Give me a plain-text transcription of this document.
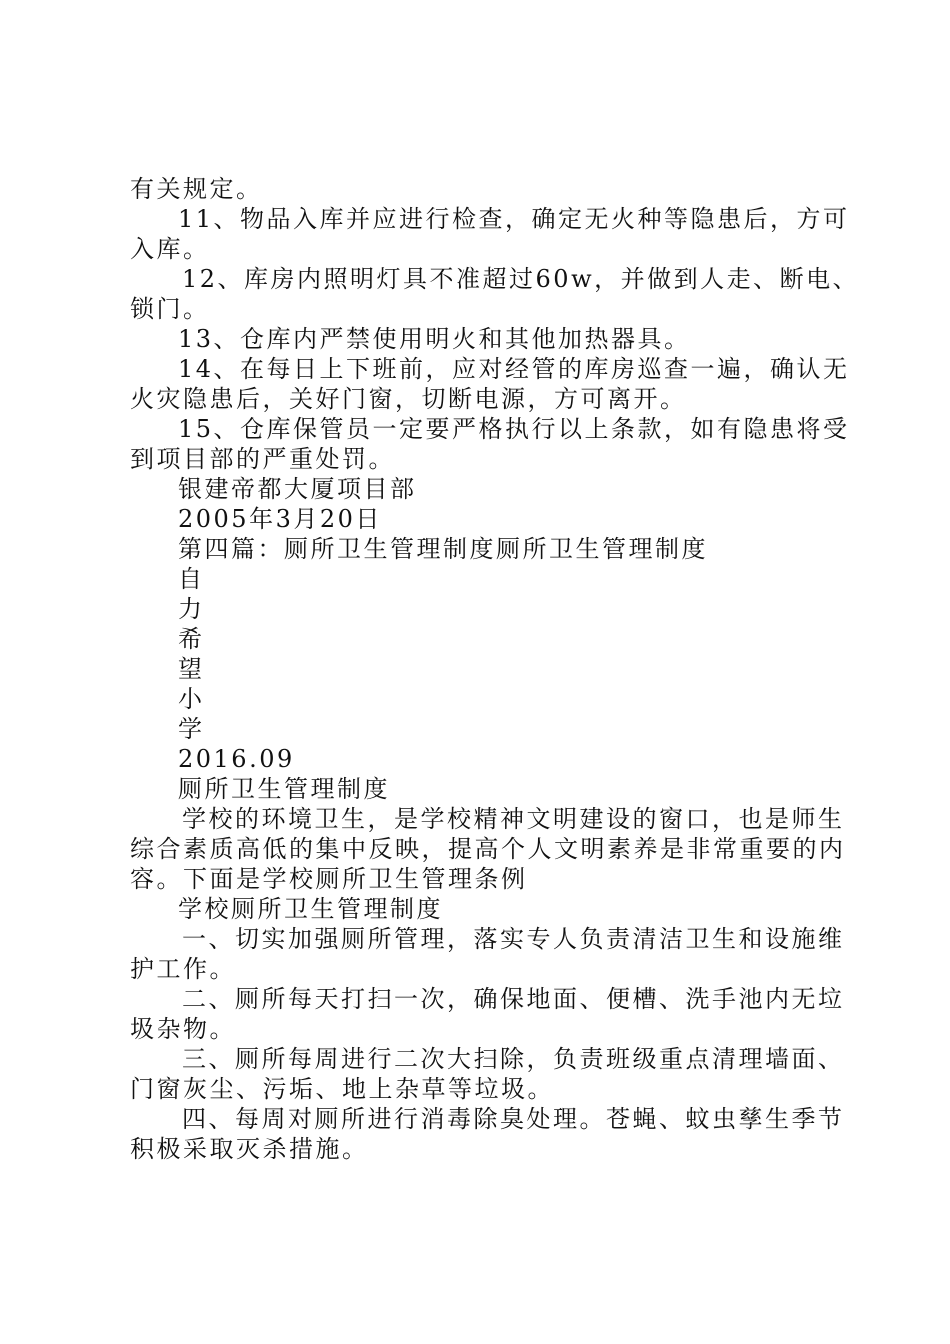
有关规定。
11、物品入库并应进行检查，确定无火种等隐患后，方可
入库。
12、库房内照明灯具不准超过60w，并做到人走、断电、
锁门。
13、仓库内严禁使用明火和其他加热器具。
14、在每日上下班前，应对经管的库房巡查一遍，确认无
火灾隐患后，关好门窗，切断电源，方可离开。
15、仓库保管员一定要严格执行以上条款，如有隐患将受
到项目部的严重处罚。
银建帝都大厦项目部
2005年3月20日
第四篇：厕所卫生管理制度厕所卫生管理制度
自
力
希
望
小
学
2016.09
厕所卫生管理制度
学校的环境卫生，是学校精神文明建设的窗口，也是师生
综合素质高低的集中反映，提高个人文明素养是非常重要的内
容。下面是学校厕所卫生管理条例
学校厕所卫生管理制度
一、切实加强厕所管理，落实专人负责清洁卫生和设施维
护工作。
二、厕所每天打扫一次，确保地面、便槽、洗手池内无垃
圾杂物。
三、厕所每周进行二次大扫除，负责班级重点清理墙面、
门窗灰尘、污垢、地上杂草等垃圾。
四、每周对厕所进行消毒除臭处理。苍蝇、蚊虫孳生季节
积极采取灭杀措施。
